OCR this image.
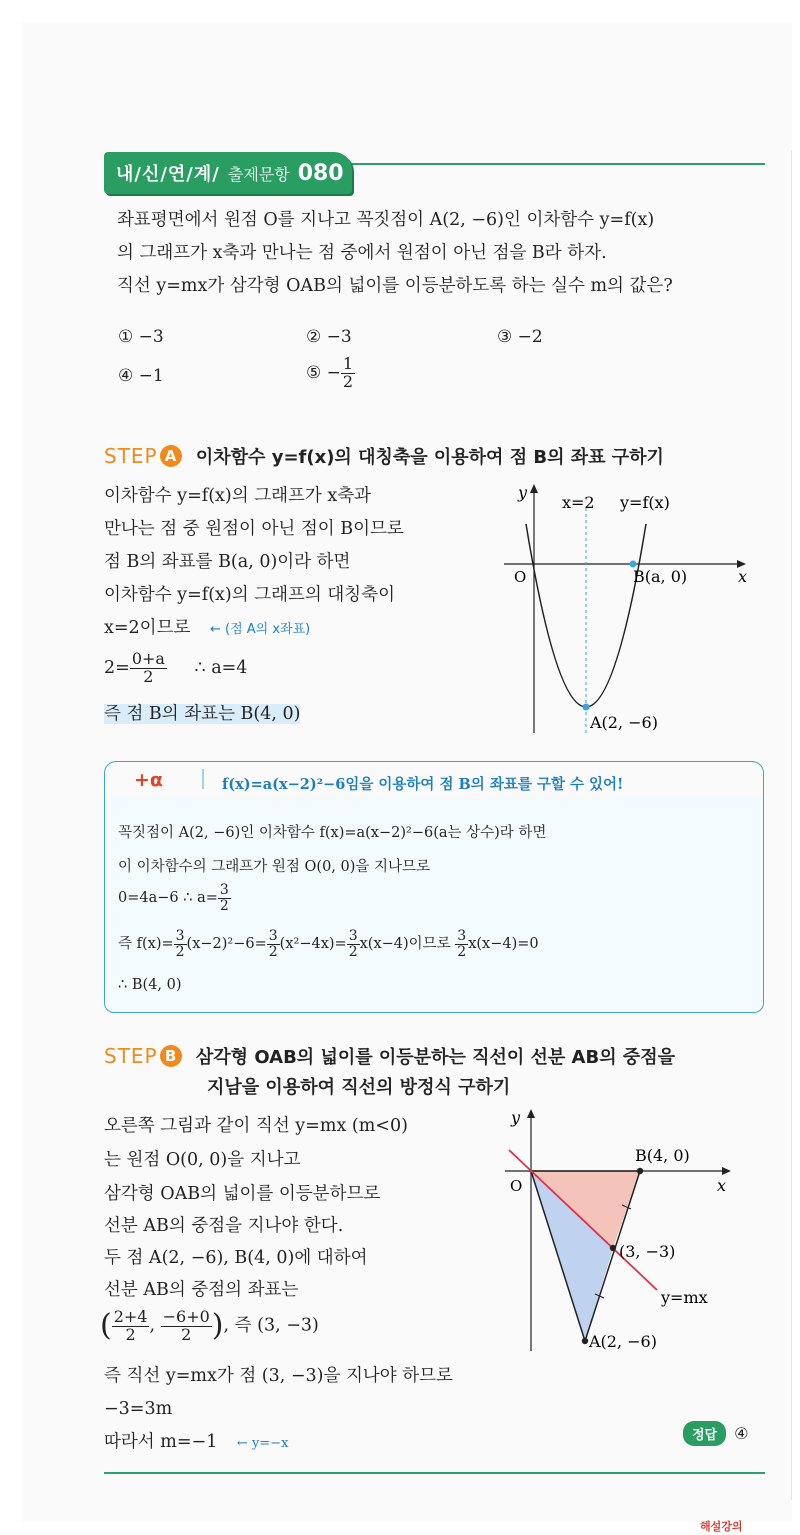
내/신/연/계/ 출제문항 080
좌표평면에서 원점 O를 지나고 꼭짓점이 A(2, −6)인 이차함수 y=f(x)
의 그래프가 x축과 만나는 점 중에서 원점이 아닌 점을 B라 하자.
직선 y=mx가 삼각형 OAB의 넓이를 이등분하도록 하는 실수 m의 값은?
① −3	② −3	③ −2
④ −1	⑤ − $\frac{1}{2}$
STEP A 이차함수 y=f(x)의 대칭축을 이용하여 점 B의 좌표 구하기
이차함수 y=f(x)의 그래프가 x축과
만나는 점 중 원점이 아닌 점이 B이므로
점 B의 좌표를 B(a, 0)이라 하면
이차함수 y=f(x)의 그래프의 대칭축이
x=2이므로 ← (점 A의 x좌표)
$2= \frac{0+a}{2}$ ∴ a=4
즉 점 B의 좌표는 B(4, 0)
y
x
O
x=2 y=f(x)
B(a, 0)
A(2, −6)
+α	f(x)=a(x−2)²−6임을 이용하여 점 B의 좌표를 구할 수 있어!
꼭짓점이 A(2, −6)인 이차함수 f(x)=a(x−2)²−6(a는 상수)라 하면
이 이차함수의 그래프가 원점 O(0, 0)을 지나므로
0=4a−6 ∴ $a= \frac{3}{2}$
즉 $f(x)= \frac{3}{2} (x-2)^2-6= \frac{3}{2} (x^2-4x)= \frac{3}{2} x(x-4)$이므로 $\frac{3}{2} x(x-4)=0$
∴ B(4, 0)
STEP B 삼각형 OAB의 넓이를 이등분하는 직선이 선분 AB의 중점을
지남을 이용하여 직선의 방정식 구하기
오른쪽 그림과 같이 직선 y=mx (m<0)
는 원점 O(0, 0)을 지나고
삼각형 OAB의 넓이를 이등분하므로
선분 AB의 중점을 지나야 한다.
두 점 A(2, −6), B(4, 0)에 대하여
선분 AB의 중점의 좌표는
( $\frac{2+4}{2}$ , $\frac{-6+0}{2}$ ), 즉 (3, −3)
즉 직선 y=mx가 점 (3, −3)을 지나야 하므로
−3=3m
따라서 m=−1 ← y=−x
y
x
O
B(4, 0)
(3, −3)
y=mx
A(2, −6)
정답	④
해설강의
